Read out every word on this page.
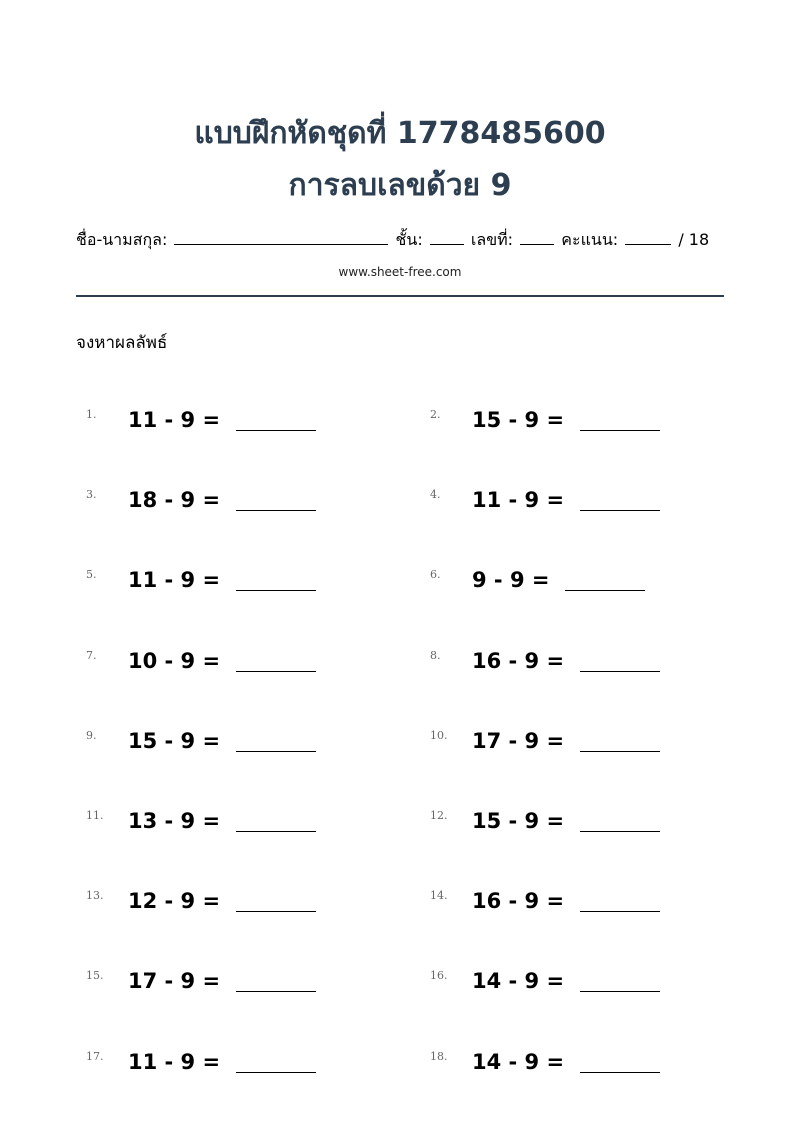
แบบฝึกหัดชุดที่ 1778485600
การลบเลขด้วย 9
ชื่อ-นามสกุล:	ชั้น:	เลขที่:	คะแนน:	/ 18
www.sheet-free.com
จงหาผลลัพธ์
1. 11 - 9 =	2. 15 - 9 =
3. 18 - 9 =	4. 11 - 9 =
5. 11 - 9 =	6. 9 - 9 =
7. 10 - 9 =	8. 16 - 9 =
9. 15 - 9 =	10. 17 - 9 =
11. 13 - 9 =	12. 15 - 9 =
13. 12 - 9 =	14. 16 - 9 =
15. 17 - 9 =	16. 14 - 9 =
17. 11 - 9 =	18. 14 - 9 =
